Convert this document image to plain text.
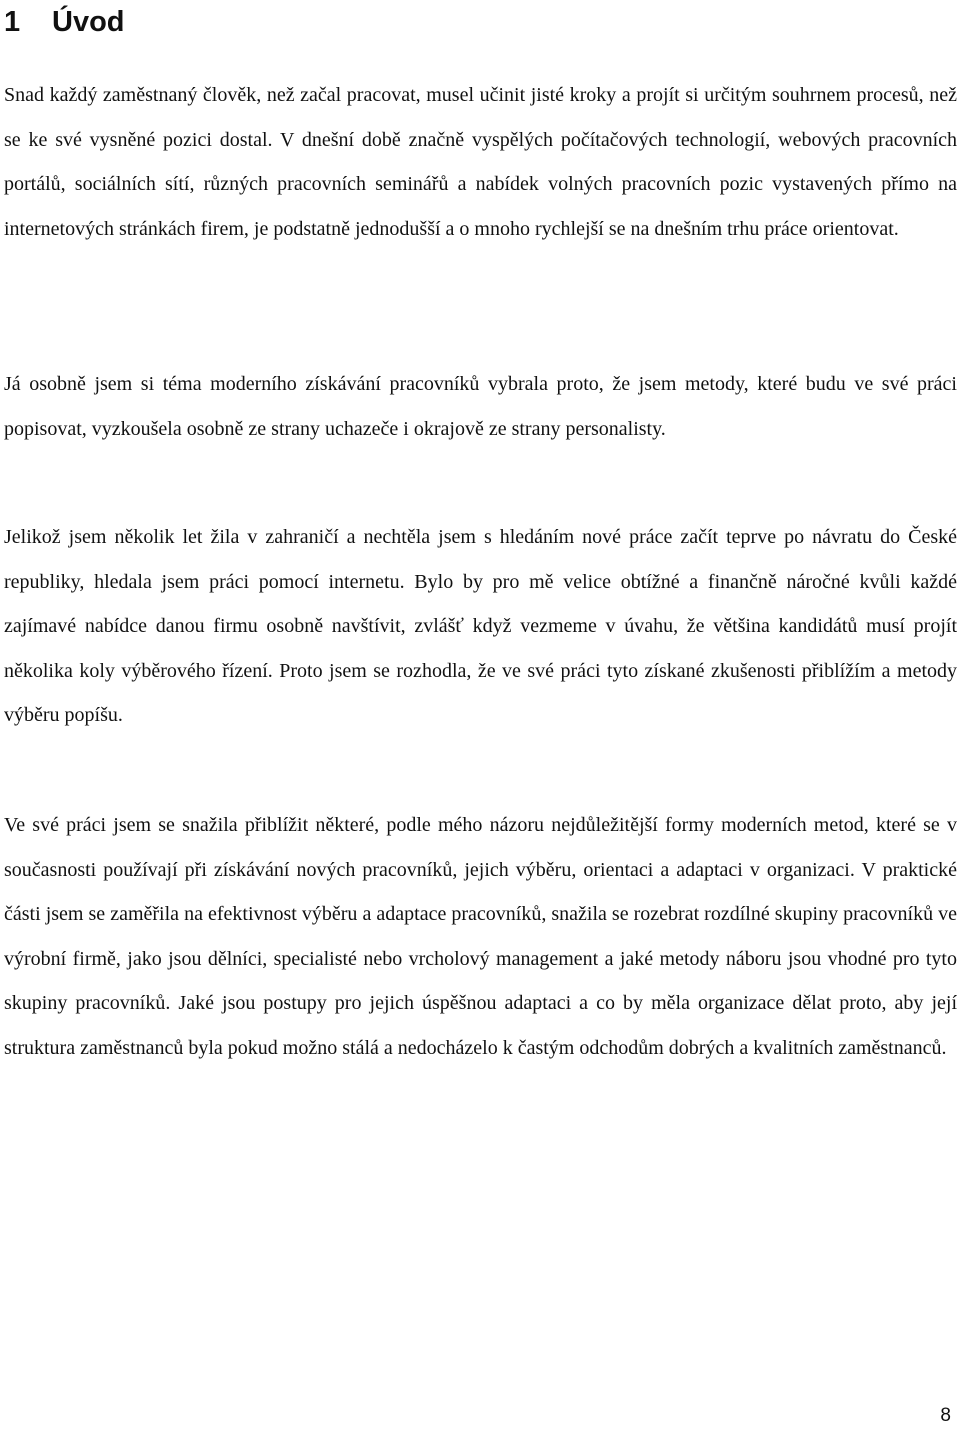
1 Úvod

Snad každý zaměstnaný člověk, než začal pracovat, musel učinit jisté kroky a projít si určitým souhrnem procesů, než se ke své vysněné pozici dostal. V dnešní době značně vyspělých počítačových technologií, webových pracovních portálů, sociálních sítí, různých pracovních seminářů a nabídek volných pracovních pozic vystavených přímo na internetových stránkách firem, je podstatně jednodušší a o mnoho rychlejší se na dnešním trhu práce orientovat.

Já osobně jsem si téma moderního získávání pracovníků vybrala proto, že jsem metody, které budu ve své práci popisovat, vyzkoušela osobně ze strany uchazeče i okrajově ze strany personalisty.

Jelikož jsem několik let žila v zahraničí a nechtěla jsem s hledáním nové práce začít teprve po návratu do České republiky, hledala jsem práci pomocí internetu. Bylo by pro mě velice obtížné a finančně náročné kvůli každé zajímavé nabídce danou firmu osobně navštívit, zvlášť když vezmeme v úvahu, že většina kandidátů musí projít několika koly výběrového řízení. Proto jsem se rozhodla, že ve své práci tyto získané zkušenosti přiblížím a metody výběru popíšu.

Ve své práci jsem se snažila přiblížit některé, podle mého názoru nejdůležitější formy moderních metod, které se v současnosti používají při získávání nových pracovníků, jejich výběru, orientaci a adaptaci v organizaci. V praktické části jsem se zaměřila na efektivnost výběru a adaptace pracovníků, snažila se rozebrat rozdílné skupiny pracovníků ve výrobní firmě, jako jsou dělníci, specialisté nebo vrcholový management a jaké metody náboru jsou vhodné pro tyto skupiny pracovníků. Jaké jsou postupy pro jejich úspěšnou adaptaci a co by měla organizace dělat proto, aby její struktura zaměstnanců byla pokud možno stálá a nedocházelo k častým odchodům dobrých a kvalitních zaměstnanců.

8
